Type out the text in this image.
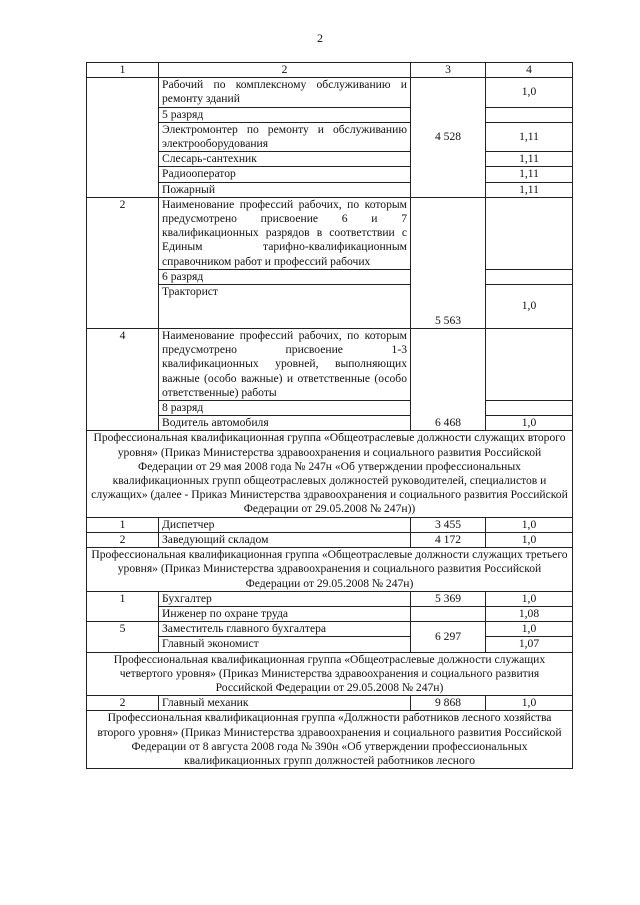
2
1	2	3	4
	Рабочий по комплексному обслуживанию и ремонту зданий	4 528	1,0
	5 разряд		
	Электромонтер по ремонту и обслуживанию электрооборудования		1,11
	Слесарь-сантехник		1,11
	Радиооператор		1,11
	Пожарный		1,11
2	Наименование профессий рабочих, по которым предусмотрено присвоение 6 и 7 квалификационных разрядов в соответствии с Единым тарифно-квалификационным справочником работ и профессий рабочих	5 563	
	6 разряд		
	Тракторист		1,0
4	Наименование профессий рабочих, по которым предусмотрено присвоение 1-3 квалификационных уровней, выполняющих важные (особо важные) и ответственные (особо ответственные) работы	6 468	
	8 разряд		
	Водитель автомобиля		1,0
Профессиональная квалификационная группа «Общеотраслевые должности служащих второго уровня» (Приказ Министерства здравоохранения и социального развития Российской Федерации от 29 мая 2008 года № 247н «Об утверждении профессиональных квалификационных групп общеотраслевых должностей руководителей, специалистов и служащих» (далее - Приказ Министерства здравоохранения и социального развития Российской Федерации от 29.05.2008 № 247н))			
1	Диспетчер	3 455	1,0
2	Заведующий складом	4 172	1,0
Профессиональная квалификационная группа «Общеотраслевые должности служащих третьего уровня» (Приказ Министерства здравоохранения и социального развития Российской Федерации от 29.05.2008 № 247н)			
1	Бухгалтер	5 369	1,0
	Инженер по охране труда		1,08
5	Заместитель главного бухгалтера	6 297	1,0
	Главный экономист		1,07
Профессиональная квалификационная группа «Общеотраслевые должности служащих четвертого уровня» (Приказ Министерства здравоохранения и социального развития Российской Федерации от 29.05.2008 № 247н)			
2	Главный механик	9 868	1,0
Профессиональная квалификационная группа «Должности работников лесного хозяйства второго уровня» (Приказ Министерства здравоохранения и социального развития Российской Федерации от 8 августа 2008 года № 390н «Об утверждении профессиональных квалификационных групп должностей работников лесного			
